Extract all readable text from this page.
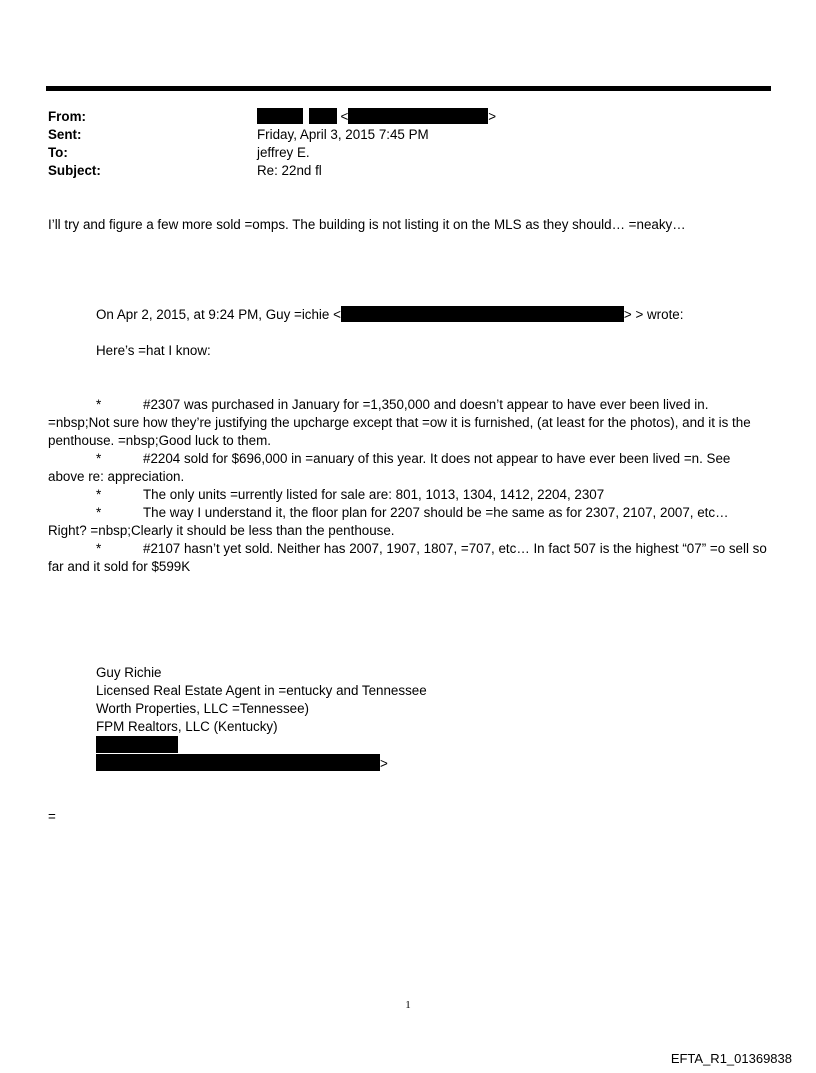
From:	<	>
Sent:	Friday, April 3, 2015 7:45 PM
To:	jeffrey E.
Subject:	Re: 22nd fl
I’ll try and figure a few more sold =omps. The building is not listing it on the MLS as they should… =neaky…
On Apr 2, 2015, at 9:24 PM, Guy =ichie <	> > wrote:
Here’s =hat I know:
*	#2307 was purchased in January for =1,350,000 and doesn’t appear to have ever been lived in.
=nbsp;Not sure how they’re justifying the upcharge except that =ow it is furnished, (at least for the photos), and it is the penthouse. =nbsp;Good luck to them.
*	#2204 sold for $696,000 in =anuary of this year. It does not appear to have ever been lived =n. See
above re: appreciation.
*	The only units =urrently listed for sale are: 801, 1013, 1304, 1412, 2204, 2307
*	The way I understand it, the floor plan for 2207 should be =he same as for 2307, 2107, 2007, etc…
Right? =nbsp;Clearly it should be less than the penthouse.
*	#2107 hasn’t yet sold. Neither has 2007, 1907, 1807, =707, etc… In fact 507 is the highest “07” =o sell so
far and it sold for $599K
Guy Richie
Licensed Real Estate Agent in =entucky and Tennessee
Worth Properties, LLC =Tennessee)
FPM Realtors, LLC (Kentucky)
>
=
1
EFTA_R1_01369838
